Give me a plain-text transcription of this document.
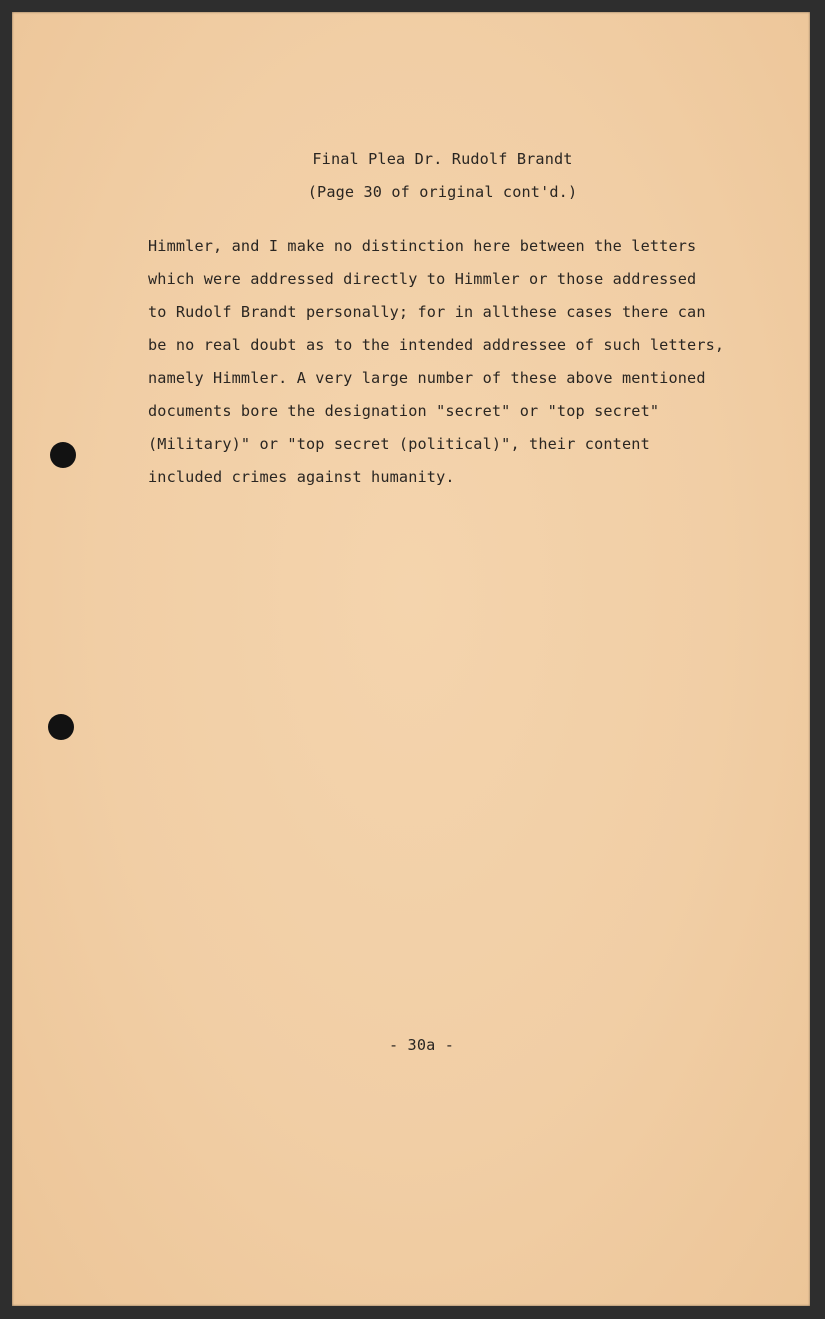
Final Plea Dr. Rudolf Brandt
(Page 30 of original cont'd.)
Himmler, and I make no distinction here between the letters
which were addressed directly to Himmler or those addressed
to Rudolf Brandt personally; for in allthese cases there can
be no real doubt as to the intended addressee of such letters,
namely Himmler. A very large number of these above mentioned
documents bore the designation "secret" or "top secret"
(Military)" or "top secret (political)", their content
included crimes against humanity.
- 30a -
